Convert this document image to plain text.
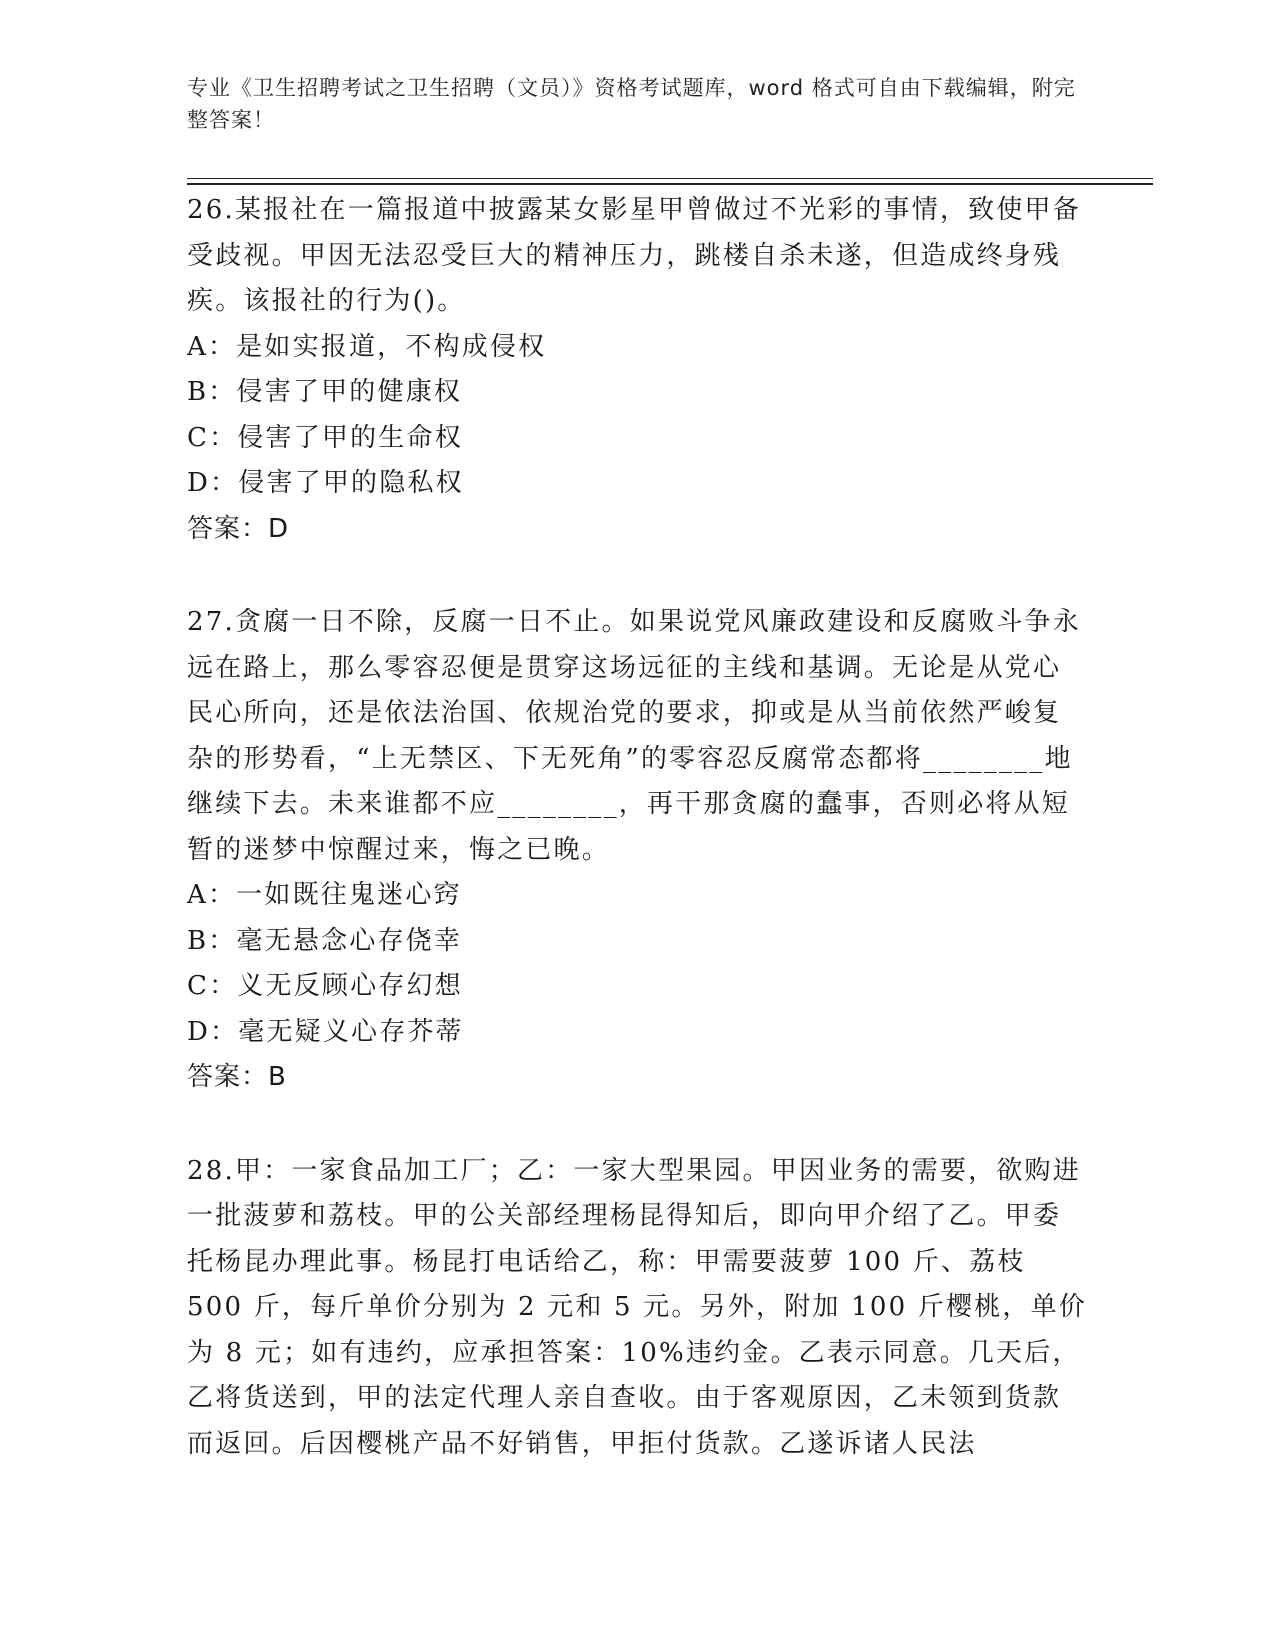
专业《卫生招聘考试之卫生招聘（文员）》资格考试题库，word 格式可自由下载编辑，附完整答案！

26.某报社在一篇报道中披露某女影星甲曾做过不光彩的事情，致使甲备受歧视。甲因无法忍受巨大的精神压力，跳楼自杀未遂，但造成终身残疾。该报社的行为()。

A：是如实报道，不构成侵权

B：侵害了甲的健康权

C：侵害了甲的生命权

D：侵害了甲的隐私权

答案：D

27.贪腐一日不除，反腐一日不止。如果说党风廉政建设和反腐败斗争永远在路上，那么零容忍便是贯穿这场远征的主线和基调。无论是从党心民心所向，还是依法治国、依规治党的要求，抑或是从当前依然严峻复杂的形势看，“上无禁区、下无死角”的零容忍反腐常态都将________地继续下去。未来谁都不应________，再干那贪腐的蠢事，否则必将从短暂的迷梦中惊醒过来，悔之已晚。

A：一如既往鬼迷心窍

B：毫无悬念心存侥幸

C：义无反顾心存幻想

D：毫无疑义心存芥蒂

答案：B

28.甲：一家食品加工厂；乙：一家大型果园。甲因业务的需要，欲购进一批菠萝和荔枝。甲的公关部经理杨昆得知后，即向甲介绍了乙。甲委托杨昆办理此事。杨昆打电话给乙，称：甲需要菠萝 100 斤、荔枝 500 斤，每斤单价分别为 2 元和 5 元。另外，附加 100 斤樱桃，单价为 8 元；如有违约，应承担答案：10%违约金。乙表示同意。几天后，乙将货送到，甲的法定代理人亲自查收。由于客观原因，乙未领到货款而返回。后因樱桃产品不好销售，甲拒付货款。乙遂诉诸人民法
